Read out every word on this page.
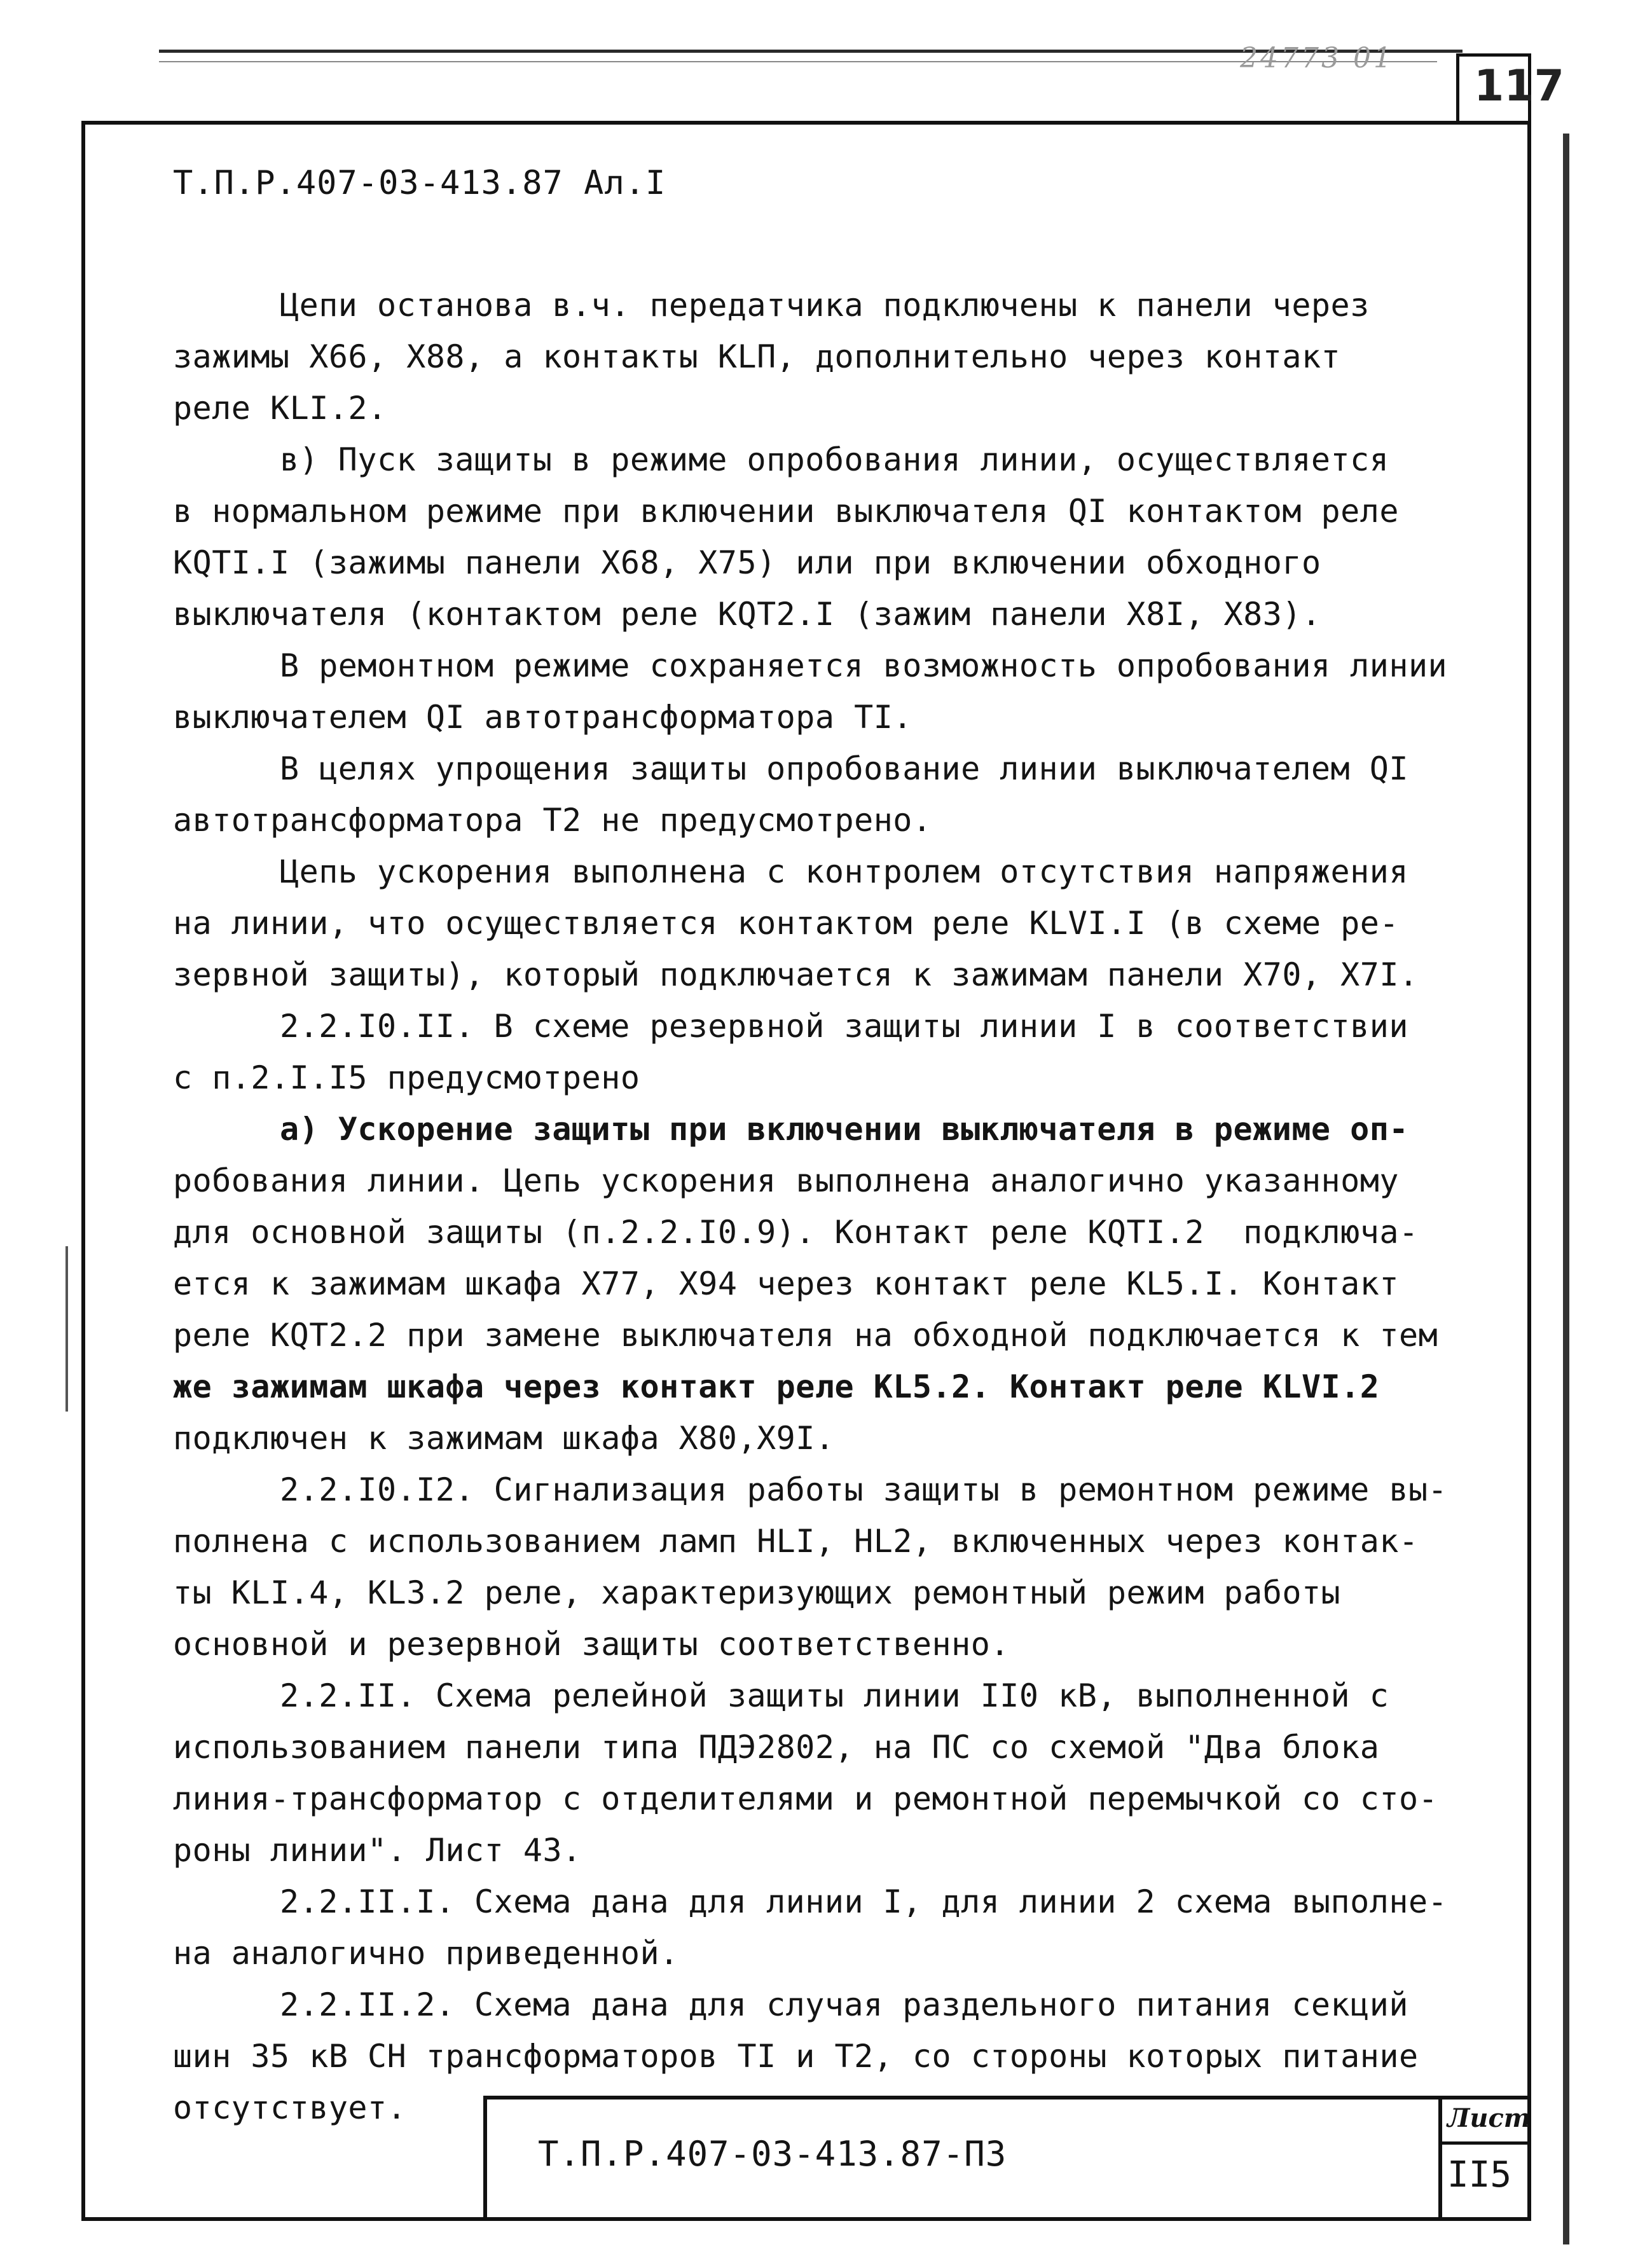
24773 01
117
Т.П.Р.407-03-413.87 Ал.I
Цепи останова в.ч. передатчика подключены к панели через
зажимы X66, X88, а контакты KLП, дополнительно через контакт
реле KLI.2.
в) Пуск защиты в режиме опробования линии, осуществляется
в нормальном режиме при включении выключателя QI контактом реле
KQTI.I (зажимы панели X68, X75) или при включении обходного
выключателя (контактом реле KQT2.I (зажим панели X8I, X83).
В ремонтном режиме сохраняется возможность опробования линии
выключателем QI автотрансформатора TI.
В целях упрощения защиты опробование линии выключателем QI
автотрансформатора T2 не предусмотрено.
Цепь ускорения выполнена с контролем отсутствия напряжения
на линии, что осуществляется контактом реле KLVI.I (в схеме ре-
зервной защиты), который подключается к зажимам панели X70, X7I.
2.2.I0.II. В схеме резервной защиты линии I в соответствии
с п.2.I.I5 предусмотрено
а) Ускорение защиты при включении выключателя в режиме оп-
робования линии. Цепь ускорения выполнена аналогично указанному
для основной защиты (п.2.2.I0.9). Контакт реле KQTI.2  подключа-
ется к зажимам шкафа X77, X94 через контакт реле KL5.I. Контакт
реле KQT2.2 при замене выключателя на обходной подключается к тем
же зажимам шкафа через контакт реле KL5.2. Контакт реле KLVI.2
подключен к зажимам шкафа X80,X9I.
2.2.I0.I2. Сигнализация работы защиты в ремонтном режиме вы-
полнена с использованием ламп HLI, HL2, включенных через контак-
ты KLI.4, KL3.2 реле, характеризующих ремонтный режим работы
основной и резервной защиты соответственно.
2.2.II. Схема релейной защиты линии II0 кВ, выполненной с
использованием панели типа ПДЭ2802, на ПС со схемой "Два блока
линия-трансформатор с отделителями и ремонтной перемычкой со сто-
роны линии". Лист 43.
2.2.II.I. Схема дана для линии I, для линии 2 схема выполне-
на аналогично приведенной.
2.2.II.2. Схема дана для случая раздельного питания секций
шин 35 кВ СН трансформаторов TI и T2, со стороны которых питание
отсутствует.
Т.П.Р.407-03-413.87-ПЗ
Лист
II5
